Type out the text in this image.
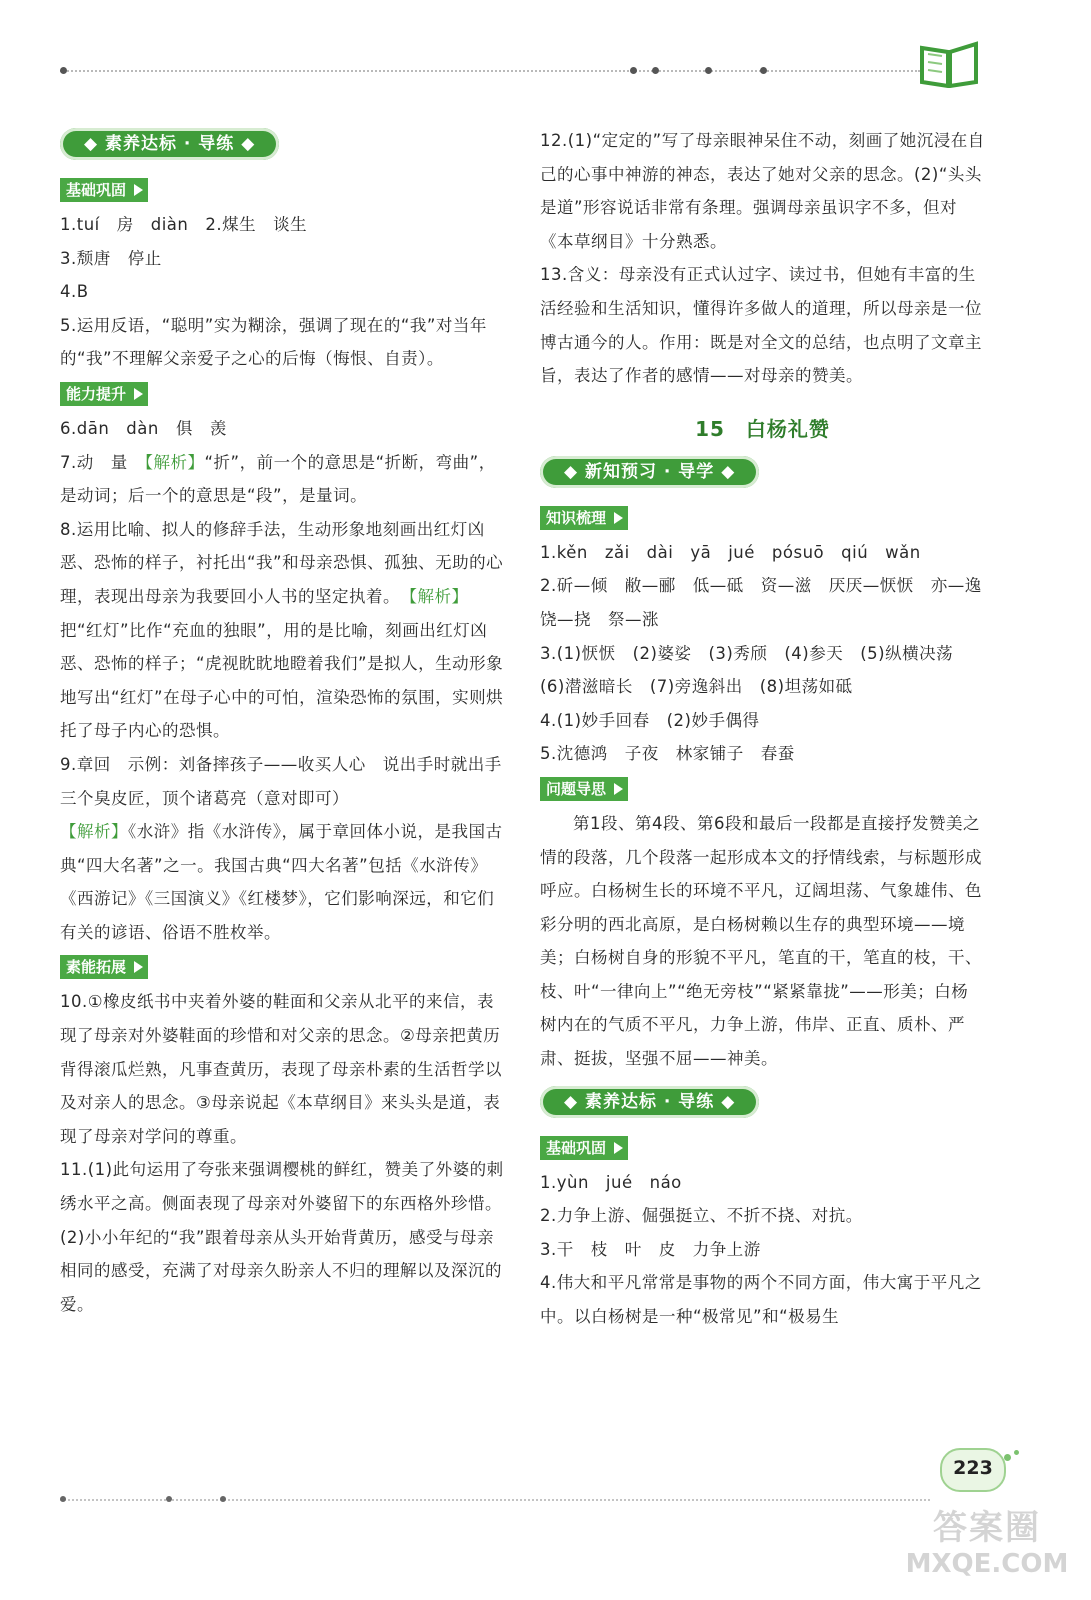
◆ 素养达标 · 导练 ◆
基础巩固

1.tuí　房　diàn　2.煤生　谈生

3.颓唐　停止

4.B

5.运用反语，“聪明”实为糊涂，强调了现在的“我”对当年的“我”不理解父亲爱子之心的后悔（悔恨、自责）。

能力提升

6.dān　dàn　俱　羡

7.动　量　【解析】“折”，前一个的意思是“折断，弯曲”，是动词；后一个的意思是“段”，是量词。

8.运用比喻、拟人的修辞手法，生动形象地刻画出红灯凶恶、恐怖的样子，衬托出“我”和母亲恐惧、孤独、无助的心理，表现出母亲为我要回小人书的坚定执着。　【解析】把“红灯”比作“充血的独眼”，用的是比喻，刻画出红灯凶恶、恐怖的样子；“虎视眈眈地瞪着我们”是拟人，生动形象地写出“红灯”在母子心中的可怕，渲染恐怖的氛围，实则烘托了母子内心的恐惧。

9.章回　示例：刘备摔孩子——收买人心　说出手时就出手　三个臭皮匠，顶个诸葛亮（意对即可）

【解析】《水浒》指《水浒传》，属于章回体小说，是我国古典“四大名著”之一。我国古典“四大名著”包括《水浒传》《西游记》《三国演义》《红楼梦》，它们影响深远，和它们有关的谚语、俗语不胜枚举。

素能拓展

10.①橡皮纸书中夹着外婆的鞋面和父亲从北平的来信，表现了母亲对外婆鞋面的珍惜和对父亲的思念。②母亲把黄历背得滚瓜烂熟，凡事查黄历，表现了母亲朴素的生活哲学以及对亲人的思念。③母亲说起《本草纲目》来头头是道，表现了母亲对学问的尊重。

11.(1)此句运用了夸张来强调樱桃的鲜红，赞美了外婆的刺绣水平之高。侧面表现了母亲对外婆留下的东西格外珍惜。　(2)小小年纪的“我”跟着母亲从头开始背黄历，感受与母亲相同的感受，充满了对母亲久盼亲人不归的理解以及深沉的爱。

12.(1)“定定的”写了母亲眼神呆住不动，刻画了她沉浸在自己的心事中神游的神态，表达了她对父亲的思念。(2)“头头是道”形容说话非常有条理。强调母亲虽识字不多，但对《本草纲目》十分熟悉。

13.含义：母亲没有正式认过字、读过书，但她有丰富的生活经验和生活知识，懂得许多做人的道理，所以母亲是一位博古通今的人。作用：既是对全文的总结，也点明了文章主旨，表达了作者的感情——对母亲的赞美。

15　白杨礼赞
◆ 新知预习 · 导学 ◆
知识梳理

1.kěn　zǎi　dài　yā　jué　pósuō　qiú　wǎn

2.斫—倾　敝—郦　低—砥　资—滋　厌厌—恹恹　亦—逸　饶—挠　祭—涨

3.(1)恹恹　(2)婆娑　(3)秀颀　(4)参天　(5)纵横决荡　(6)潜滋暗长　(7)旁逸斜出　(8)坦荡如砥

4.(1)妙手回春　(2)妙手偶得

5.沈德鸿　子夜　林家铺子　春蚕

问题导思

第1段、第4段、第6段和最后一段都是直接抒发赞美之情的段落，几个段落一起形成本文的抒情线索，与标题形成呼应。白杨树生长的环境不平凡，辽阔坦荡、气象雄伟、色彩分明的西北高原，是白杨树赖以生存的典型环境——境美；白杨树自身的形貌不平凡，笔直的干，笔直的枝，干、枝、叶“一律向上”“绝无旁枝”“紧紧靠拢”——形美；白杨树内在的气质不平凡，力争上游，伟岸、正直、质朴、严肃、挺拔，坚强不屈——神美。

◆ 素养达标 · 导练 ◆
基础巩固

1.yùn　jué　náo

2.力争上游、倔强挺立、不折不挠、对抗。

3.干　枝　叶　皮　力争上游

4.伟大和平凡常常是事物的两个不同方面，伟大寓于平凡之中。以白杨树是一种“极常见”和“极易生

223
答案圈
MXQE.COM
